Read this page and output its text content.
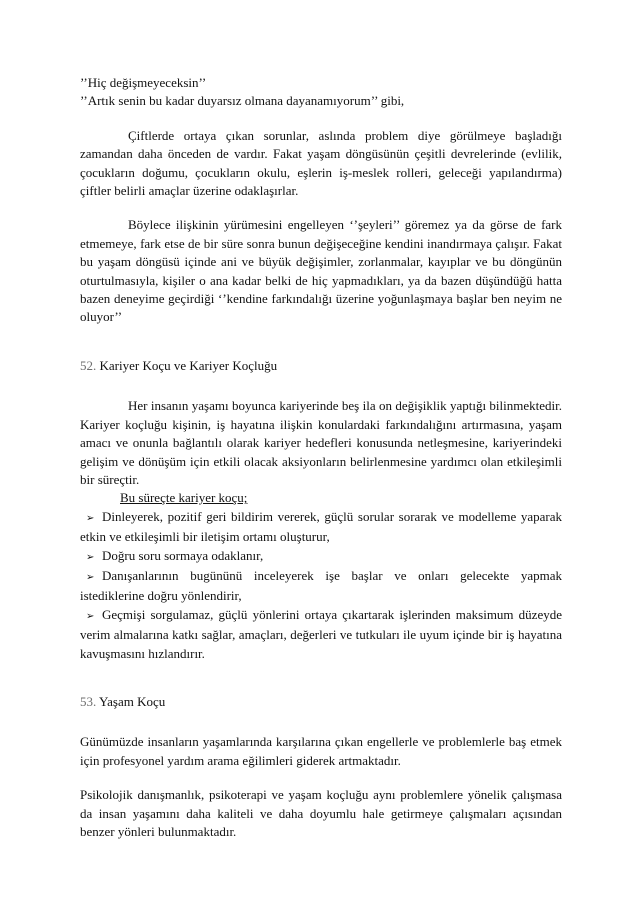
’’Hiç değişmeyeceksin’’

’’Artık senin bu kadar duyarsız olmana dayanamıyorum’’ gibi,

Çiftlerde ortaya çıkan sorunlar, aslında problem diye görülmeye başladığı zamandan daha önceden de vardır. Fakat yaşam döngüsünün çeşitli devrelerinde (evlilik, çocukların doğumu, çocukların okulu, eşlerin iş-meslek rolleri, geleceği yapılandırma) çiftler belirli amaçlar üzerine odaklaşırlar.

Böylece ilişkinin yürümesini engelleyen ‘’şeyleri’’ göremez ya da görse de fark etmemeye, fark etse de bir süre sonra bunun değişeceğine kendini inandırmaya çalışır. Fakat bu yaşam döngüsü içinde ani ve büyük değişimler, zorlanmalar, kayıplar ve bu döngünün oturtulmasıyla, kişiler o ana kadar belki de hiç yapmadıkları, ya da bazen düşündüğü hatta bazen deneyime geçirdiği ‘’kendine farkındalığı üzerine yoğunlaşmaya başlar ben neyim ne oluyor’’

52. Kariyer Koçu ve Kariyer Koçluğu

Her insanın yaşamı boyunca kariyerinde beş ila on değişiklik yaptığı bilinmektedir. Kariyer koçluğu kişinin, iş hayatına ilişkin konulardaki farkındalığını artırmasına, yaşam amacı ve onunla bağlantılı olarak kariyer hedefleri konusunda netleşmesine, kariyerindeki gelişim ve dönüşüm için etkili olacak aksiyonların belirlenmesine yardımcı olan etkileşimli bir süreçtir.

Bu süreçte kariyer koçu;

➢ Dinleyerek, pozitif geri bildirim vererek, güçlü sorular sorarak ve modelleme yaparak etkin ve etkileşimli bir iletişim ortamı oluşturur,
➢ Doğru soru sormaya odaklanır,
➢ Danışanlarının bugününü inceleyerek işe başlar ve onları gelecekte yapmak istediklerine doğru yönlendirir,
➢ Geçmişi sorgulamaz, güçlü yönlerini ortaya çıkartarak işlerinden maksimum düzeyde verim almalarına katkı sağlar, amaçları, değerleri ve tutkuları ile uyum içinde bir iş hayatına kavuşmasını hızlandırır.
53. Yaşam Koçu

Günümüzde insanların yaşamlarında karşılarına çıkan engellerle ve problemlerle baş etmek için profesyonel yardım arama eğilimleri giderek artmaktadır.

Psikolojik danışmanlık, psikoterapi ve yaşam koçluğu aynı problemlere yönelik çalışmasa da insan yaşamını daha kaliteli ve daha doyumlu hale getirmeye çalışmaları açısından benzer yönleri bulunmaktadır.
